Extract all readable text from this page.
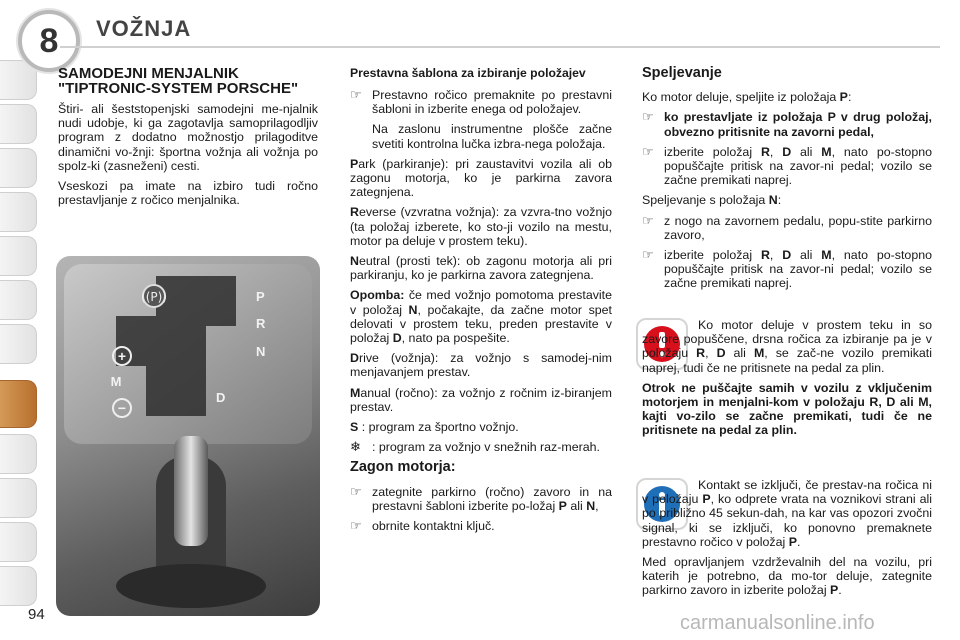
8	VOŽNJA
SAMODEJNI MENJALNIK "TIPTRONIC-SYSTEM PORSCHE"

Štiri- ali šeststopenjski samodejni me-njalnik nudi udobje, ki ga zagotavlja samoprilagodljiv program z dodatno možnostjo prilagoditve dinamični vo-žnji: športna vožnja ali vožnja po spolz-ki (zasneženi) cesti.

Vseskozi pa imate na izbiro tudi ročno prestavljanje z ročico menjalnika.

((P))
+
−
M
P
R
N
D
Prestavna šablona za izbiranje položajev
☞ Prestavno ročico premaknite po prestavni šabloni in izberite enega od položajev.

Na zaslonu instrumentne plošče začne svetiti kontrolna lučka izbra-nega položaja.

Park (parkiranje): pri zaustavitvi vozila ali ob zagonu motorja, ko je parkirna zavora zategnjena.

Reverse (vzvratna vožnja): za vzvra-tno vožnjo (ta položaj izberete, ko sto-ji vozilo na mestu, motor pa deluje v prostem teku).

Neutral (prosti tek): ob zagonu motorja ali pri parkiranju, ko je parkirna zavora zategnjena.

Opomba: če med vožnjo pomotoma prestavite v položaj N, počakajte, da začne motor spet delovati v prostem teku, preden prestavite v položaj D, nato pa pospešite.

Drive (vožnja): za vožnjo s samodej-nim menjavanjem prestav.

Manual (ročno): za vožnjo z ročnim iz-biranjem prestav.

S : program za športno vožnjo.

❄ : program za vožnjo v snežnih raz-merah.
Zagon motorja:
☞ zategnite parkirno (ročno) zavoro in na prestavni šabloni izberite po-ložaj P ali N,
☞ obrnite kontaktni ključ.
Speljevanje

Ko motor deluje, speljite iz položaja P:

☞ ko prestavljate iz položaja P v drug položaj, obvezno pritisnite na zavorni pedal,
☞ izberite položaj R, D ali M, nato po-stopno popuščajte pritisk na zavor-ni pedal; vozilo se začne premikati naprej.

Speljevanje s položaja N:

☞ z nogo na zavornem pedalu, popu-stite parkirno zavoro,
☞ izberite položaj R, D ali M, nato po-stopno popuščajte pritisk na zavor-ni pedal; vozilo se začne premikati naprej.

Ko motor deluje v prostem teku in so zavore popuščene, drsna ročica za izbiranje pa je v položaju R, D ali M, se zač-ne vozilo premikati naprej, tudi če ne pritisnete na pedal za plin.

Otrok ne puščajte samih v vozilu z vključenim motorjem in menjalni-kom v položaju R, D ali M, kajti vo-zilo se začne premikati, tudi če ne pritisnete na pedal za plin.

Kontakt se izključi, če prestav-na ročica ni v položaju P, ko odprete vrata na voznikovi strani ali po približno 45 sekun-dah, na kar vas opozori zvočni signal, ki se izključi, ko ponovno premaknete prestavno ročico v položaj P.

Med opravljanjem vzdrževalnih del na vozilu, pri katerih je potrebno, da mo-tor deluje, zategnite parkirno zavoro in izberite položaj P.

94	carmanualsonline.info
